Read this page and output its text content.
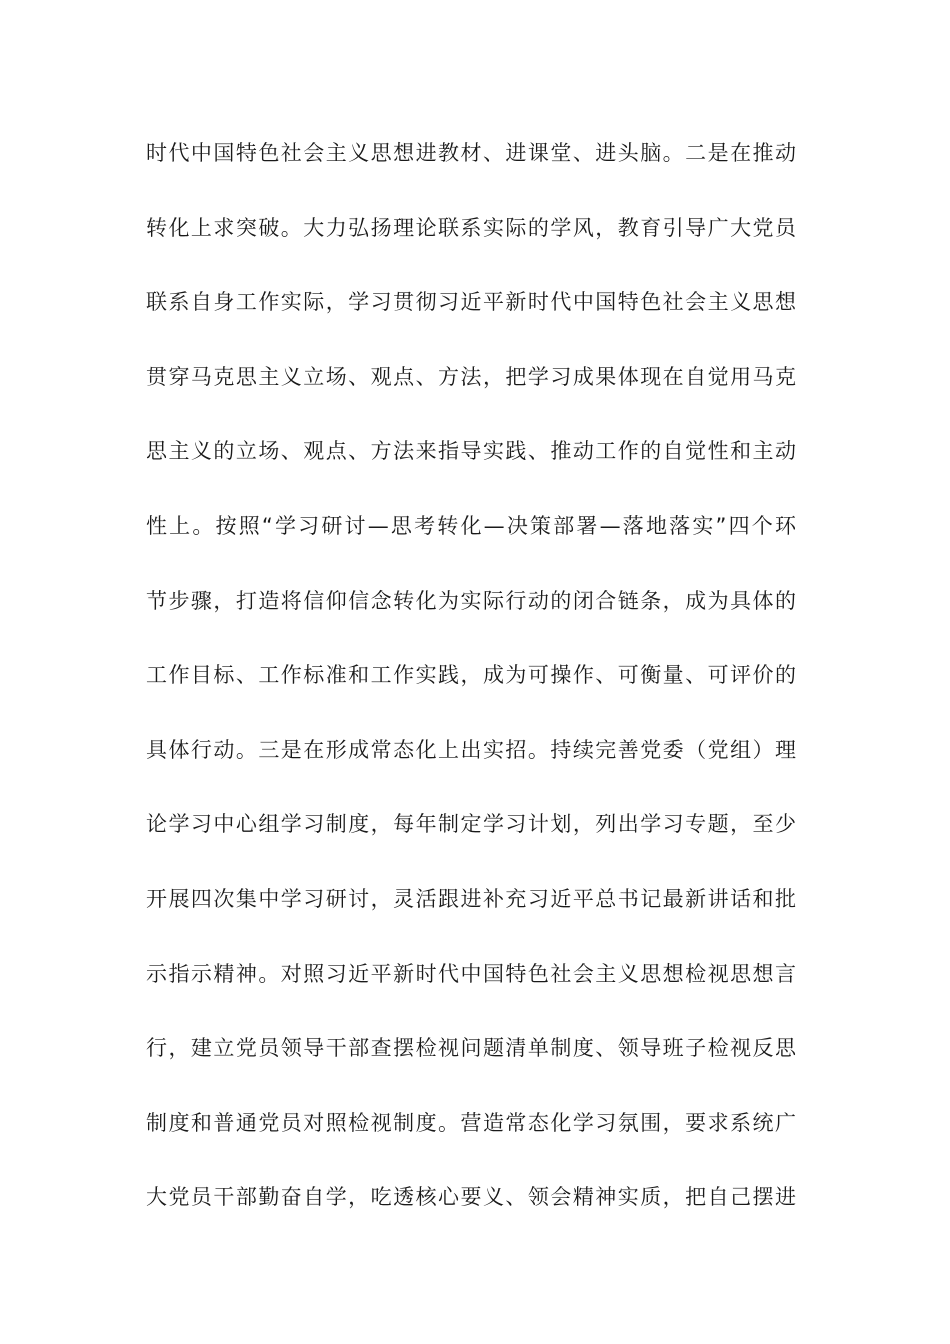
时代中国特色社会主义思想进教材、进课堂、进头脑。二是在推动
转化上求突破。大力弘扬理论联系实际的学风，教育引导广大党员
联系自身工作实际，学习贯彻习近平新时代中国特色社会主义思想
贯穿马克思主义立场、观点、方法，把学习成果体现在自觉用马克
思主义的立场、观点、方法来指导实践、推动工作的自觉性和主动
性上。按照“学习研讨—思考转化—决策部署—落地落实”四个环
节步骤，打造将信仰信念转化为实际行动的闭合链条，成为具体的
工作目标、工作标准和工作实践，成为可操作、可衡量、可评价的
具体行动。三是在形成常态化上出实招。持续完善党委（党组）理
论学习中心组学习制度，每年制定学习计划，列出学习专题，至少
开展四次集中学习研讨，灵活跟进补充习近平总书记最新讲话和批
示指示精神。对照习近平新时代中国特色社会主义思想检视思想言
行，建立党员领导干部查摆检视问题清单制度、领导班子检视反思
制度和普通党员对照检视制度。营造常态化学习氛围，要求系统广
大党员干部勤奋自学，吃透核心要义、领会精神实质，把自己摆进
